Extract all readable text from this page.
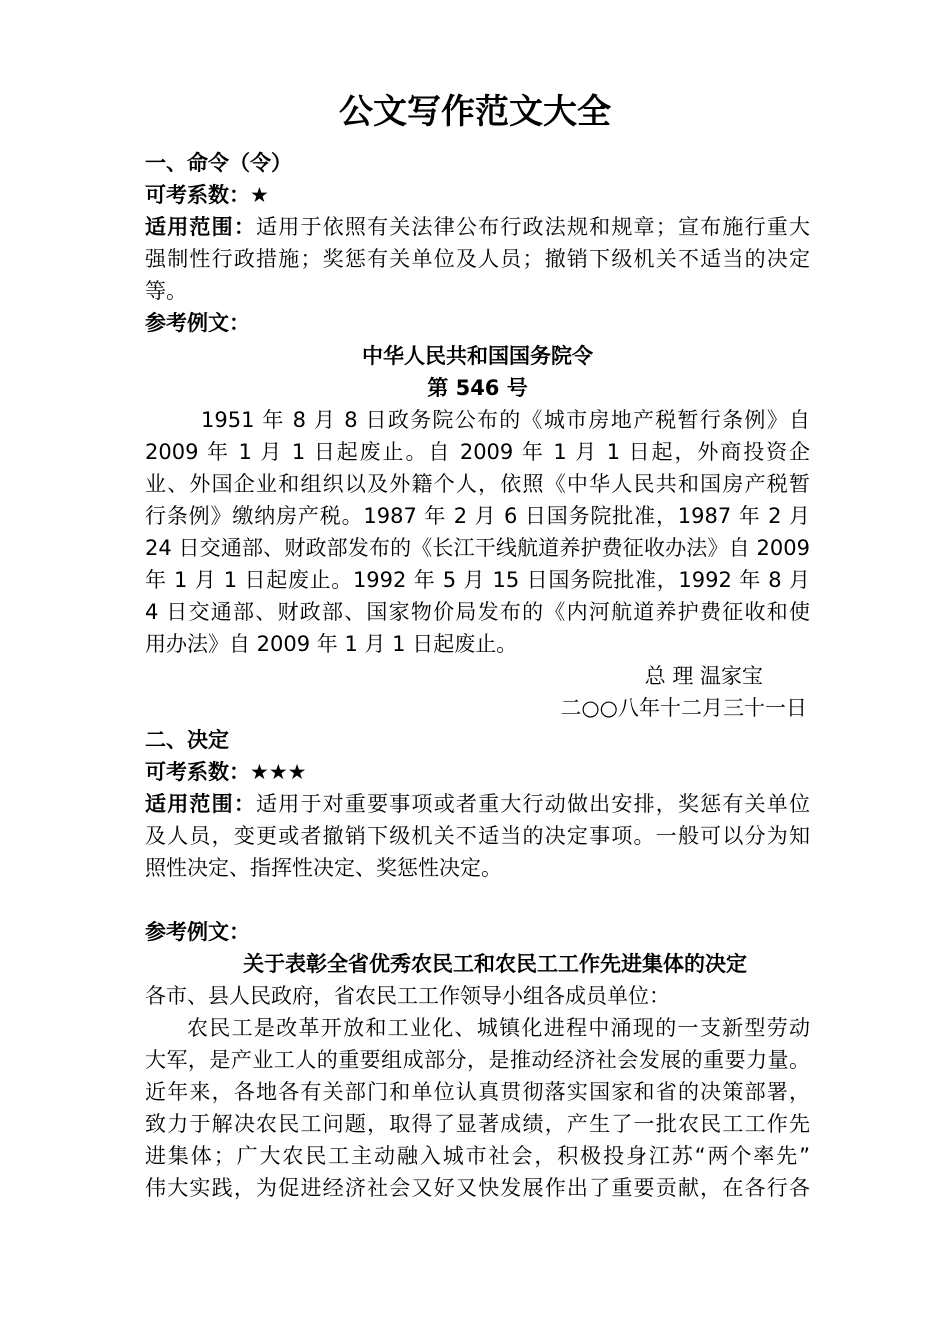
公文写作范文大全
一、命令（令）
可考系数：★
适用范围：适用于依照有关法律公布行政法规和规章；宣布施行重大
强制性行政措施；奖惩有关单位及人员；撤销下级机关不适当的决定
等。
参考例文：
中华人民共和国国务院令
第 546 号
1951 年 8 月 8 日政务院公布的《城市房地产税暂行条例》自
2009 年 1 月 1 日起废止。自 2009 年 1 月 1 日起，外商投资企
业、外国企业和组织以及外籍个人，依照《中华人民共和国房产税暂
行条例》缴纳房产税。1987 年 2 月 6 日国务院批准，1987 年 2 月
24 日交通部、财政部发布的《长江干线航道养护费征收办法》自 2009
年 1 月 1 日起废止。1992 年 5 月 15 日国务院批准，1992 年 8 月
4 日交通部、财政部、国家物价局发布的《内河航道养护费征收和使
用办法》自 2009 年 1 月 1 日起废止。
总 理 温家宝
二○○八年十二月三十一日
二、决定
可考系数：★★★
适用范围：适用于对重要事项或者重大行动做出安排，奖惩有关单位
及人员，变更或者撤销下级机关不适当的决定事项。一般可以分为知
照性决定、指挥性决定、奖惩性决定。
参考例文：
关于表彰全省优秀农民工和农民工工作先进集体的决定
各市、县人民政府，省农民工工作领导小组各成员单位：
农民工是改革开放和工业化、城镇化进程中涌现的一支新型劳动
大军，是产业工人的重要组成部分，是推动经济社会发展的重要力量。
近年来，各地各有关部门和单位认真贯彻落实国家和省的决策部署，
致力于解决农民工问题，取得了显著成绩，产生了一批农民工工作先
进集体；广大农民工主动融入城市社会，积极投身江苏“两个率先”
伟大实践，为促进经济社会又好又快发展作出了重要贡献，在各行各
